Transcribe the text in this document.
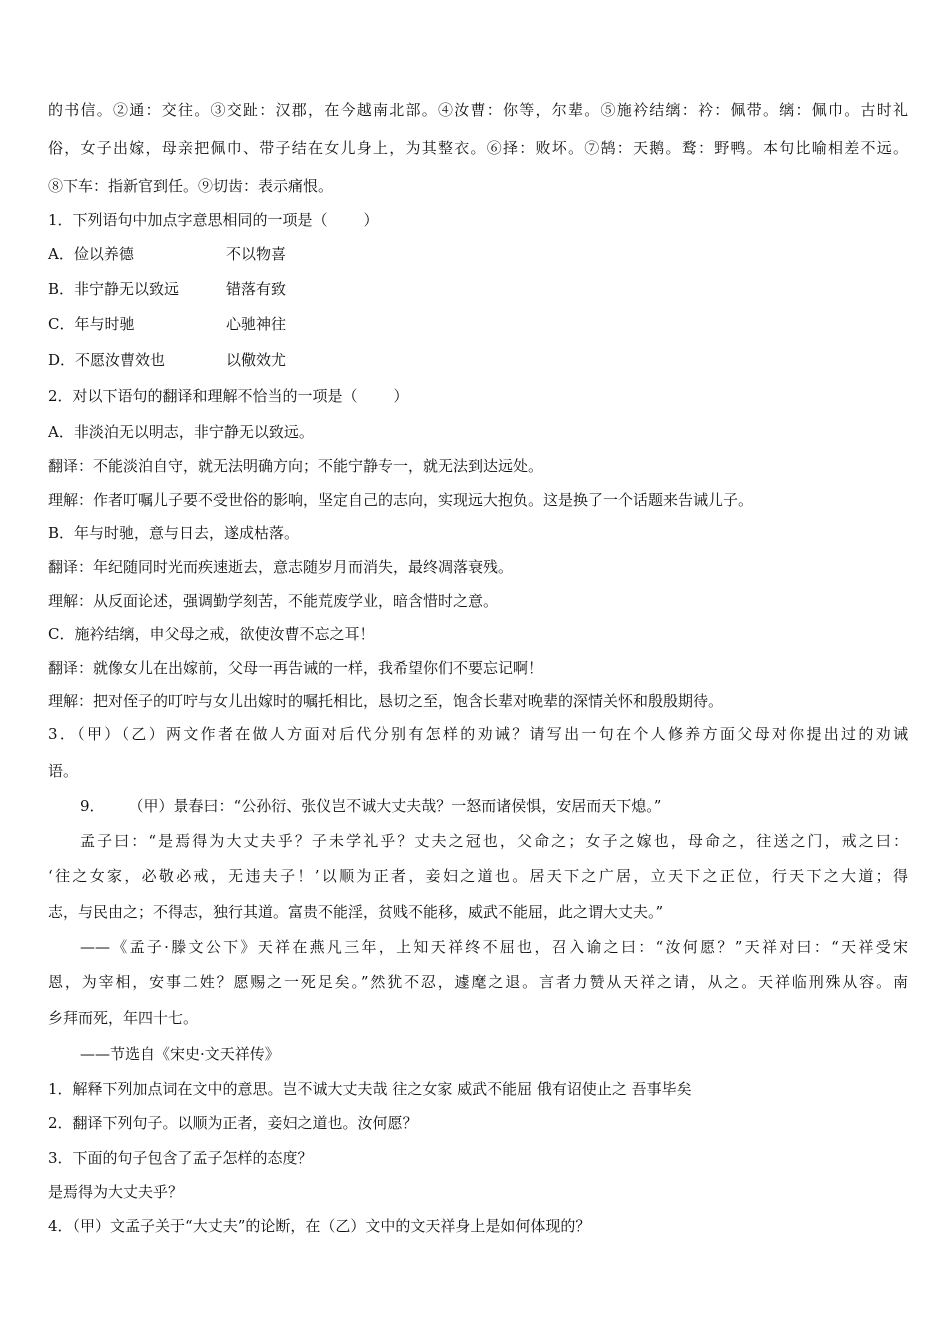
的书信。②通：交往。③交趾：汉郡，在今越南北部。④汝曹：你等，尔辈。⑤施衿结缡：衿：佩带。缡：佩巾。古时礼
俗，女子出嫁，母亲把佩巾、带子结在女儿身上，为其整衣。⑥择：败坏。⑦鹄：天鹅。鹜：野鸭。本句比喻相差不远。
⑧下车：指新官到任。⑨切齿：表示痛恨。
1．下列语句中加点字意思相同的一项是（ ）
A．俭以养德	不以物喜
B．非宁静无以致远	错落有致
C．年与时驰	心驰神往
D．不愿汝曹效也	以儆效尤
2．对以下语句的翻译和理解不恰当的一项是（ ）
A．非淡泊无以明志，非宁静无以致远。
翻译：不能淡泊自守，就无法明确方向；不能宁静专一，就无法到达远处。
理解：作者叮嘱儿子要不受世俗的影响，坚定自己的志向，实现远大抱负。这是换了一个话题来告诫儿子。
B．年与时驰，意与日去，遂成枯落。
翻译：年纪随同时光而疾速逝去，意志随岁月而消失，最终凋落衰残。
理解：从反面论述，强调勤学刻苦，不能荒废学业，暗含惜时之意。
C．施衿结缡，申父母之戒，欲使汝曹不忘之耳！
翻译：就像女儿在出嫁前，父母一再告诫的一样，我希望你们不要忘记啊！
理解：把对侄子的叮咛与女儿出嫁时的嘱托相比，恳切之至，饱含长辈对晚辈的深情关怀和殷殷期待。
3．（甲）（乙）两文作者在做人方面对后代分别有怎样的劝诫？请写出一句在个人修养方面父母对你提出过的劝诫
语。
9． （甲）景春曰：“公孙衍、张仪岂不诚大丈夫哉？一怒而诸侯惧，安居而天下熄。”
孟子曰：“是焉得为大丈夫乎？子未学礼乎？丈夫之冠也，父命之；女子之嫁也，母命之，往送之门，戒之曰：
‘往之女家，必敬必戒，无违夫子！’以顺为正者，妾妇之道也。居天下之广居，立天下之正位，行天下之大道；得
志，与民由之；不得志，独行其道。富贵不能淫，贫贱不能移，威武不能屈，此之谓大丈夫。”
——《孟子·滕文公下》天祥在燕凡三年，上知天祥终不屈也，召入谕之曰：“汝何愿？”天祥对曰：“天祥受宋
恩，为宰相，安事二姓？愿赐之一死足矣。”然犹不忍，遽麾之退。言者力赞从天祥之请，从之。天祥临刑殊从容。南
乡拜而死，年四十七。
——节选自《宋史·文天祥传》
1．解释下列加点词在文中的意思。岂不诚大丈夫哉 往之女家 威武不能屈 俄有诏使止之 吾事毕矣
2．翻译下列句子。以顺为正者，妾妇之道也。汝何愿？
3．下面的句子包含了孟子怎样的态度？
是焉得为大丈夫乎？
4．（甲）文孟子关于“大丈夫”的论断，在（乙）文中的文天祥身上是如何体现的？
